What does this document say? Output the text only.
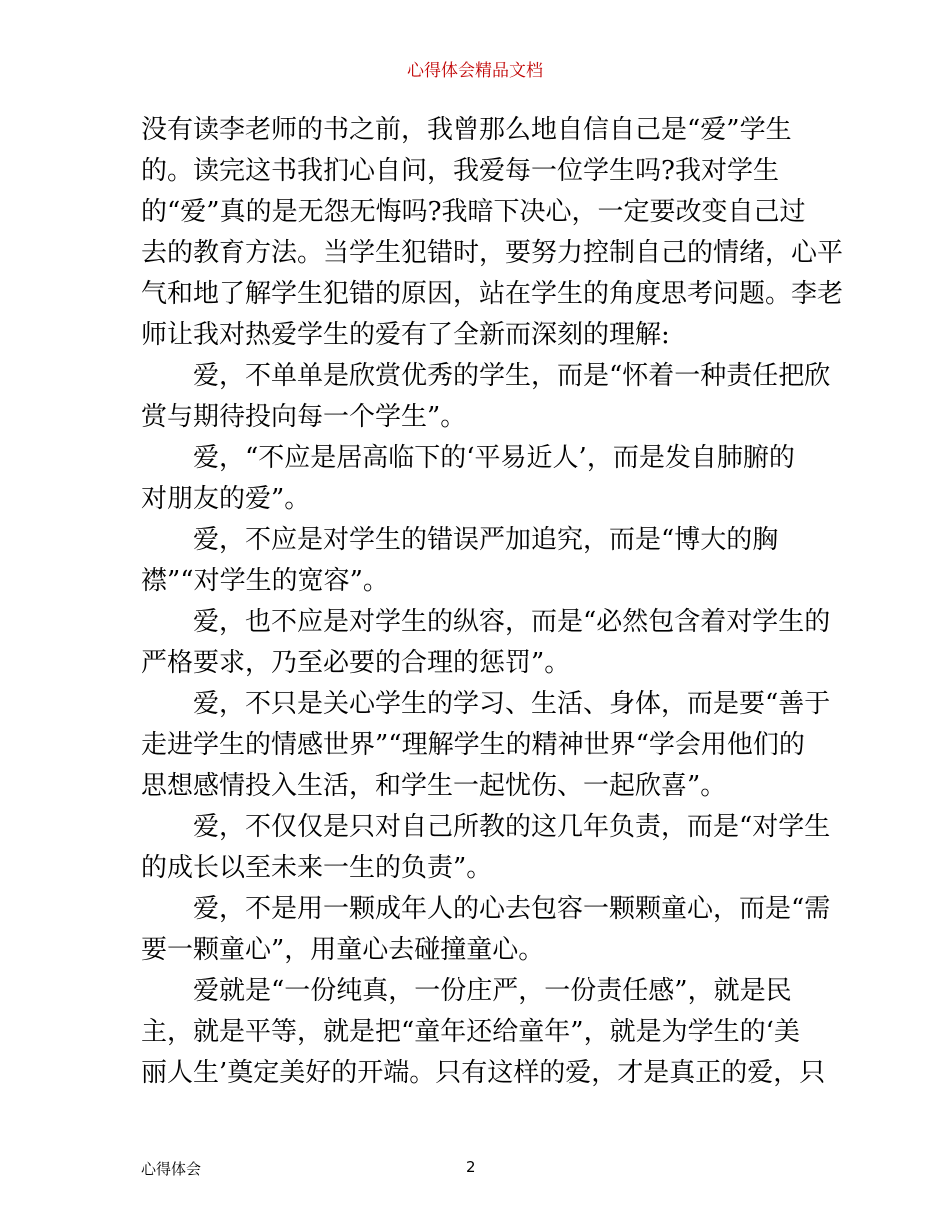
心得体会精品文档
没有读李老师的书之前，我曾那么地自信自己是“爱”学生
的。读完这书我扪心自问，我爱每一位学生吗?我对学生
的“爱”真的是无怨无悔吗?我暗下决心，一定要改变自己过
去的教育方法。当学生犯错时，要努力控制自己的情绪，心平
气和地了解学生犯错的原因，站在学生的角度思考问题。李老
师让我对热爱学生的爱有了全新而深刻的理解:
爱，不单单是欣赏优秀的学生，而是“怀着一种责任把欣
赏与期待投向每一个学生”。
爱，“不应是居高临下的‘平易近人’，而是发自肺腑的
对朋友的爱”。
爱，不应是对学生的错误严加追究，而是“博大的胸
襟”“对学生的宽容”。
爱，也不应是对学生的纵容，而是“必然包含着对学生的
严格要求，乃至必要的合理的惩罚”。
爱，不只是关心学生的学习、生活、身体，而是要“善于
走进学生的情感世界”“理解学生的精神世界“学会用他们的
思想感情投入生活，和学生一起忧伤、一起欣喜”。
爱，不仅仅是只对自己所教的这几年负责，而是“对学生
的成长以至未来一生的负责”。
爱，不是用一颗成年人的心去包容一颗颗童心，而是“需
要一颗童心”，用童心去碰撞童心。
爱就是“一份纯真，一份庄严，一份责任感”，就是民
主，就是平等，就是把“童年还给童年”，就是为学生的‘美
丽人生’奠定美好的开端。只有这样的爱，才是真正的爱，只
心得体会	2
